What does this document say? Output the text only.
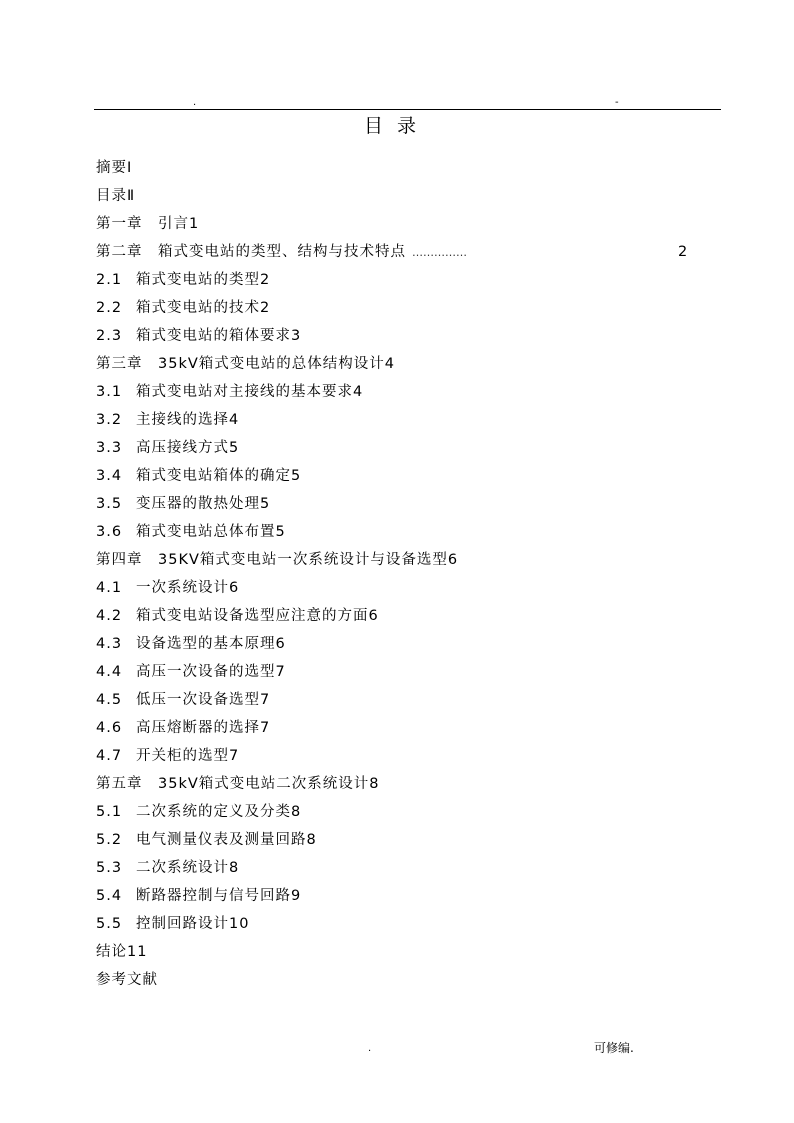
.	-
目录
摘要Ⅰ
目录Ⅱ
第一章　引言1
第二章　箱式变电站的类型、结构与技术特点 ……………	2
2.1 箱式变电站的类型2
2.2 箱式变电站的技术2
2.3 箱式变电站的箱体要求3
第三章　35kV箱式变电站的总体结构设计4
3.1 箱式变电站对主接线的基本要求4
3.2 主接线的选择4
3.3 高压接线方式5
3.4 箱式变电站箱体的确定5
3.5 变压器的散热处理5
3.6 箱式变电站总体布置5
第四章　35KV箱式变电站一次系统设计与设备选型6
4.1 一次系统设计6
4.2 箱式变电站设备选型应注意的方面6
4.3 设备选型的基本原理6
4.4 高压一次设备的选型7
4.5 低压一次设备选型7
4.6 高压熔断器的选择7
4.7 开关柜的选型7
第五章　35kV箱式变电站二次系统设计8
5.1 二次系统的定义及分类8
5.2 电气测量仪表及测量回路8
5.3 二次系统设计8
5.4 断路器控制与信号回路9
5.5 控制回路设计10
结论11
参考文献
.	可修编.
